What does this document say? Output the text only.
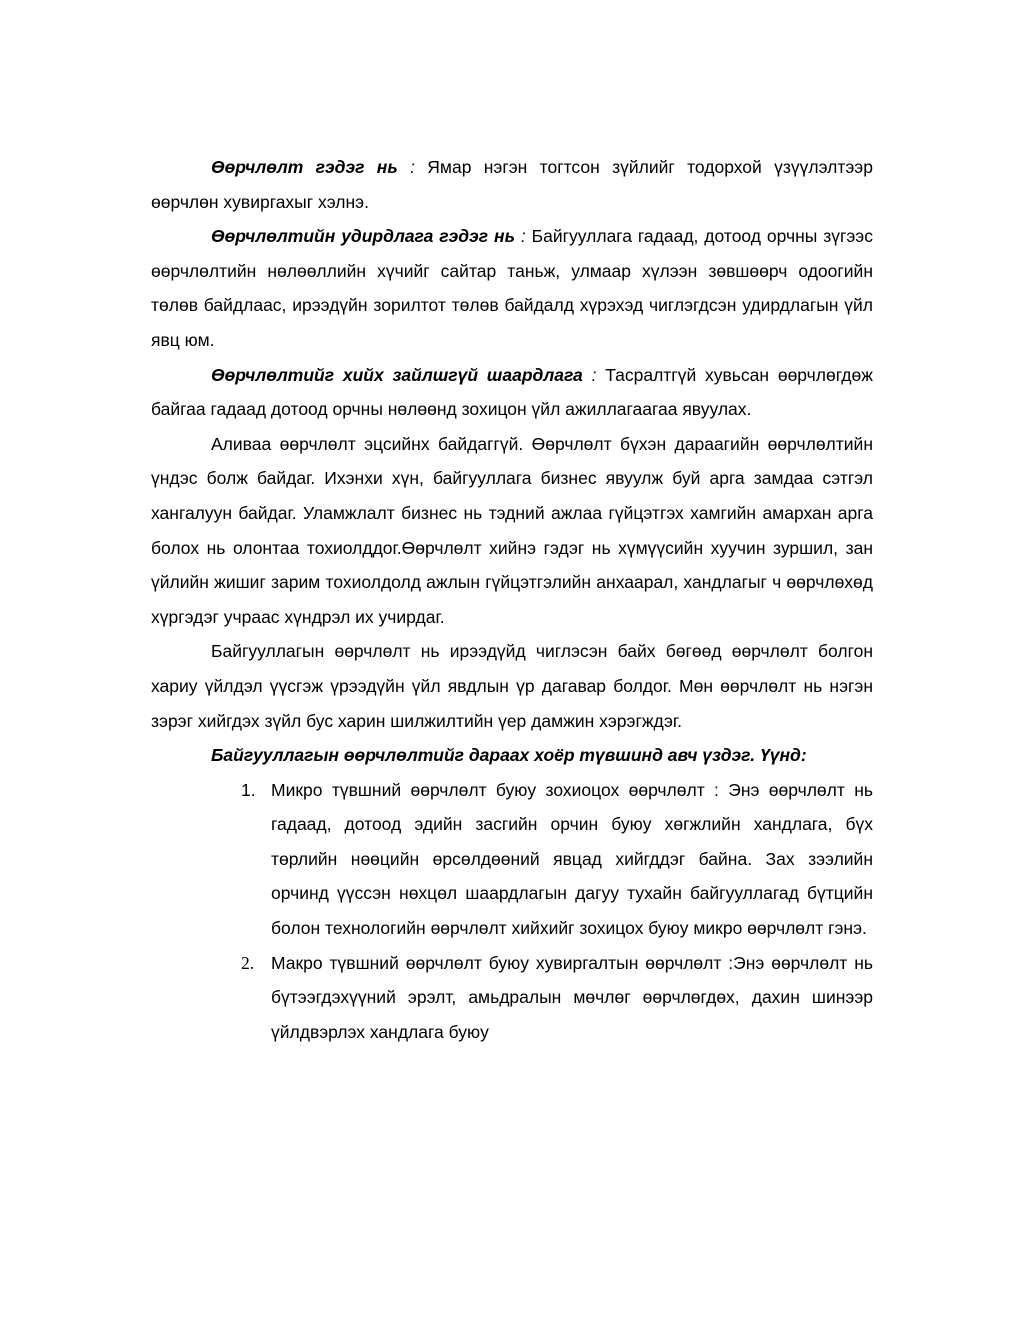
Өөрчлөлт гэдэг нь : Ямар нэгэн тогтсон зүйлийг тодорхой үзүүлэлтээр өөрчлөн хувиргахыг хэлнэ.

Өөрчлөлтийн удирдлага гэдэг нь : Байгууллага гадаад, дотоод орчны зүгээс өөрчлөлтийн нөлөөллийн хүчийг сайтар таньж, улмаар хүлээн зөвшөөрч одоогийн төлөв байдлаас, ирээдүйн зорилтот төлөв байдалд хүрэхэд чиглэгдсэн удирдлагын үйл явц юм.

Өөрчлөлтийг хийх зайлшгүй шаардлага : Тасралтгүй хувьсан өөрчлөгдөж байгаа гадаад дотоод орчны нөлөөнд зохицон үйл ажиллагаагаа явуулах.

Аливаа өөрчлөлт эцсийнх байдаггүй. Өөрчлөлт бүхэн дараагийн өөрчлөлтийн үндэс болж байдаг. Ихэнхи хүн, байгууллага бизнес явуулж буй арга замдаа сэтгэл хангалуун байдаг. Уламжлалт бизнес нь тэдний ажлаа гүйцэтгэх хамгийн амархан арга болох нь олонтаа тохиолддог.Өөрчлөлт хийнэ гэдэг нь хүмүүсийн хуучин зуршил, зан үйлийн жишиг зарим тохиолдолд ажлын гүйцэтгэлийн анхаарал, хандлагыг ч өөрчлөхөд хүргэдэг учраас хүндрэл их учирдаг.

Байгууллагын өөрчлөлт нь ирээдүйд чиглэсэн байх бөгөөд өөрчлөлт болгон хариу үйлдэл үүсгэж үрээдүйн үйл явдлын үр дагавар болдог. Мөн өөрчлөлт нь нэгэн зэрэг хийгдэх зүйл бус харин шилжилтийн үер дамжин хэрэгждэг.

Байгууллагын өөрчлөлтийг дараах хоёр түвшинд авч үздэг. Үүнд:

1. Микро түвшний өөрчлөлт буюу зохиоцох өөрчлөлт : Энэ өөрчлөлт нь гадаад, дотоод эдийн засгийн орчин буюу хөгжлийн хандлага, бүх төрлийн нөөцийн өрсөлдөөний явцад хийгддэг байна. Зах зээлийн орчинд үүссэн нөхцөл шаардлагын дагуу тухайн байгууллагад бүтцийн болон технологийн өөрчлөлт хийхийг зохицох буюу микро өөрчлөлт гэнэ.
2. Макро түвшний өөрчлөлт буюу хувиргалтын өөрчлөлт :Энэ өөрчлөлт нь бүтээгдэхүүний эрэлт, амьдралын мөчлөг өөрчлөгдөх, дахин шинээр үйлдвэрлэх хандлага буюу
